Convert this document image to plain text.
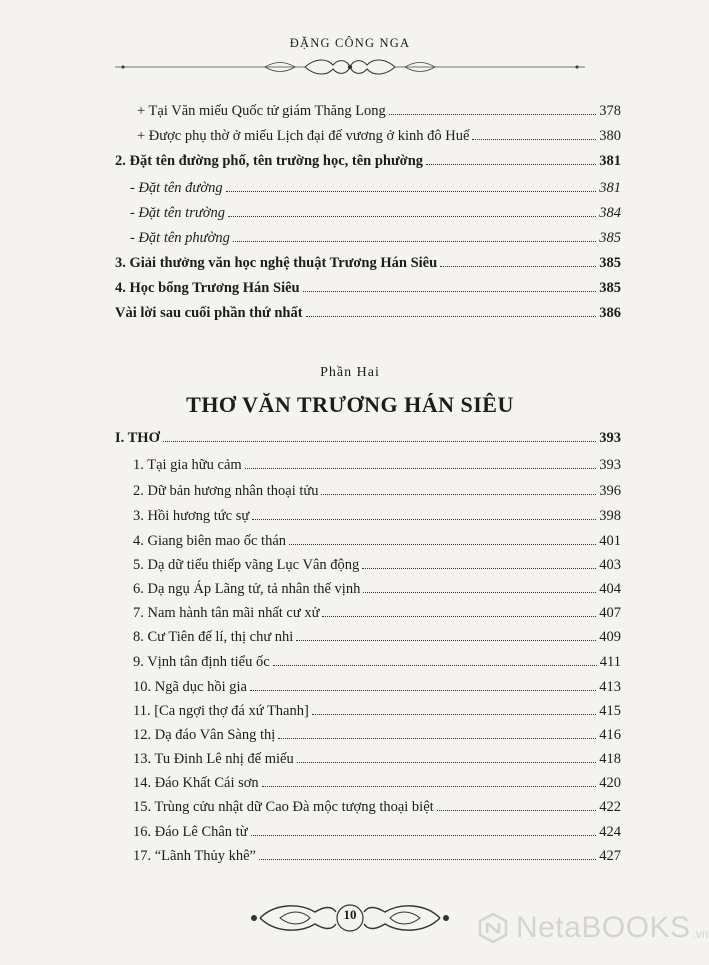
ĐẶNG CÔNG NGA
+ Tại Văn miếu Quốc tử giám Thăng Long	378
+ Được phụ thờ ở miếu Lịch đại đế vương ở kinh đô Huế	380
2. Đặt tên đường phố, tên trường học, tên phường	381
- Đặt tên đường	381
- Đặt tên trường	384
- Đặt tên phường	385
3. Giải thưởng văn học nghệ thuật Trương Hán Siêu	385
4. Học bổng Trương Hán Siêu	385
Vài lời sau cuối phần thứ nhất	386
I. THƠ	393
1. Tại gia hữu cảm	393
2. Dữ bản hương nhân thoại tửu	396
3. Hồi hương tức sự	398
4. Giang biên mao ốc thán	401
5. Dạ dữ tiểu thiếp vãng Lục Vân động	403
6. Dạ ngụ Áp Lãng tử, tả nhân thế vịnh	404
7. Nam hành tân mãi nhất cư xử	407
8. Cư Tiên đế lí, thị chư nhi	409
9. Vịnh tân định tiểu ốc	411
10. Ngã dục hồi gia	413
11. [Ca ngợi thợ đá xứ Thanh]	415
12. Dạ đáo Vân Sàng thị	416
13. Tu Đinh Lê nhị đế miếu	418
14. Đáo Khất Cái sơn	420
15. Trùng cửu nhật dữ Cao Đà mộc tượng thoại biệt	422
16. Đáo Lê Chân từ	424
17. “Lãnh Thủy khê”	427
Phần Hai
THƠ VĂN TRƯƠNG HÁN SIÊU
10	NetaBOOKS .vn
